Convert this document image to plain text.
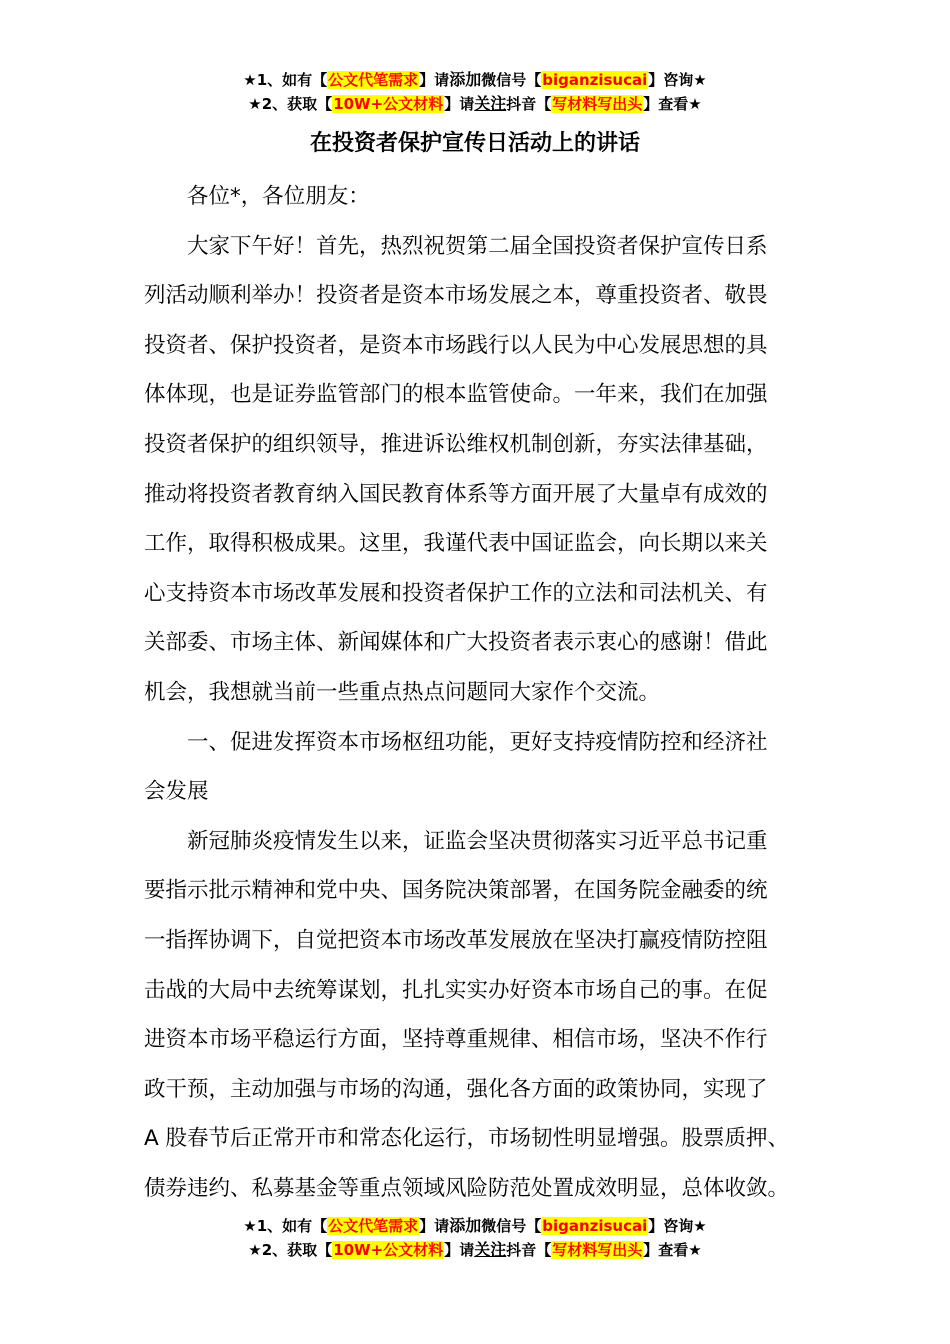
★1、如有【公文代笔需求】请添加微信号【biganzisucai】咨询★
★2、获取【10W+公文材料】请关注抖音【写材料写出头】查看★
在投资者保护宣传日活动上的讲话
各位*，各位朋友：
大家下午好！首先，热烈祝贺第二届全国投资者保护宣传日系
列活动顺利举办！投资者是资本市场发展之本，尊重投资者、敬畏
投资者、保护投资者，是资本市场践行以人民为中心发展思想的具
体体现，也是证券监管部门的根本监管使命。一年来，我们在加强
投资者保护的组织领导，推进诉讼维权机制创新，夯实法律基础，
推动将投资者教育纳入国民教育体系等方面开展了大量卓有成效的
工作，取得积极成果。这里，我谨代表中国证监会，向长期以来关
心支持资本市场改革发展和投资者保护工作的立法和司法机关、有
关部委、市场主体、新闻媒体和广大投资者表示衷心的感谢！借此
机会，我想就当前一些重点热点问题同大家作个交流。
一、促进发挥资本市场枢纽功能，更好支持疫情防控和经济社
会发展
新冠肺炎疫情发生以来，证监会坚决贯彻落实习近平总书记重
要指示批示精神和党中央、国务院决策部署，在国务院金融委的统
一指挥协调下，自觉把资本市场改革发展放在坚决打赢疫情防控阻
击战的大局中去统筹谋划，扎扎实实办好资本市场自己的事。在促
进资本市场平稳运行方面，坚持尊重规律、相信市场，坚决不作行
政干预，主动加强与市场的沟通，强化各方面的政策协同，实现了
A 股春节后正常开市和常态化运行，市场韧性明显增强。股票质押、
债券违约、私募基金等重点领域风险防范处置成效明显，总体收敛。
★1、如有【公文代笔需求】请添加微信号【biganzisucai】咨询★
★2、获取【10W+公文材料】请关注抖音【写材料写出头】查看★
